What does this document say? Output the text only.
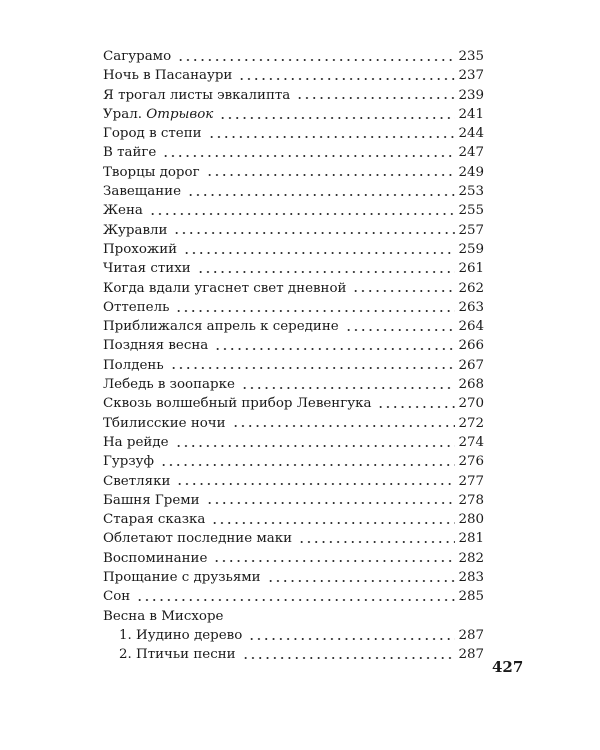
Сагурамо	235
Ночь в Пасанаури	237
Я трогал листы эвкалипта	239
Урал. Отрывок	241
Город в степи	244
В тайге	247
Творцы дорог	249
Завещание	253
Жена	255
Журавли	257
Прохожий	259
Читая стихи	261
Когда вдали угаснет свет дневной	262
Оттепель	263
Приближался апрель к середине	264
Поздняя весна	266
Полдень	267
Лебедь в зоопарке	268
Сквозь волшебный прибор Левенгука	270
Тбилисские ночи	272
На рейде	274
Гурзуф	276
Светляки	277
Башня Греми	278
Старая сказка	280
Облетают последние маки	281
Воспоминание	282
Прощание с друзьями	283
Сон	285
Весна в Мисхоре
1. Иудино дерево	287
2. Птичьи песни	287
427
